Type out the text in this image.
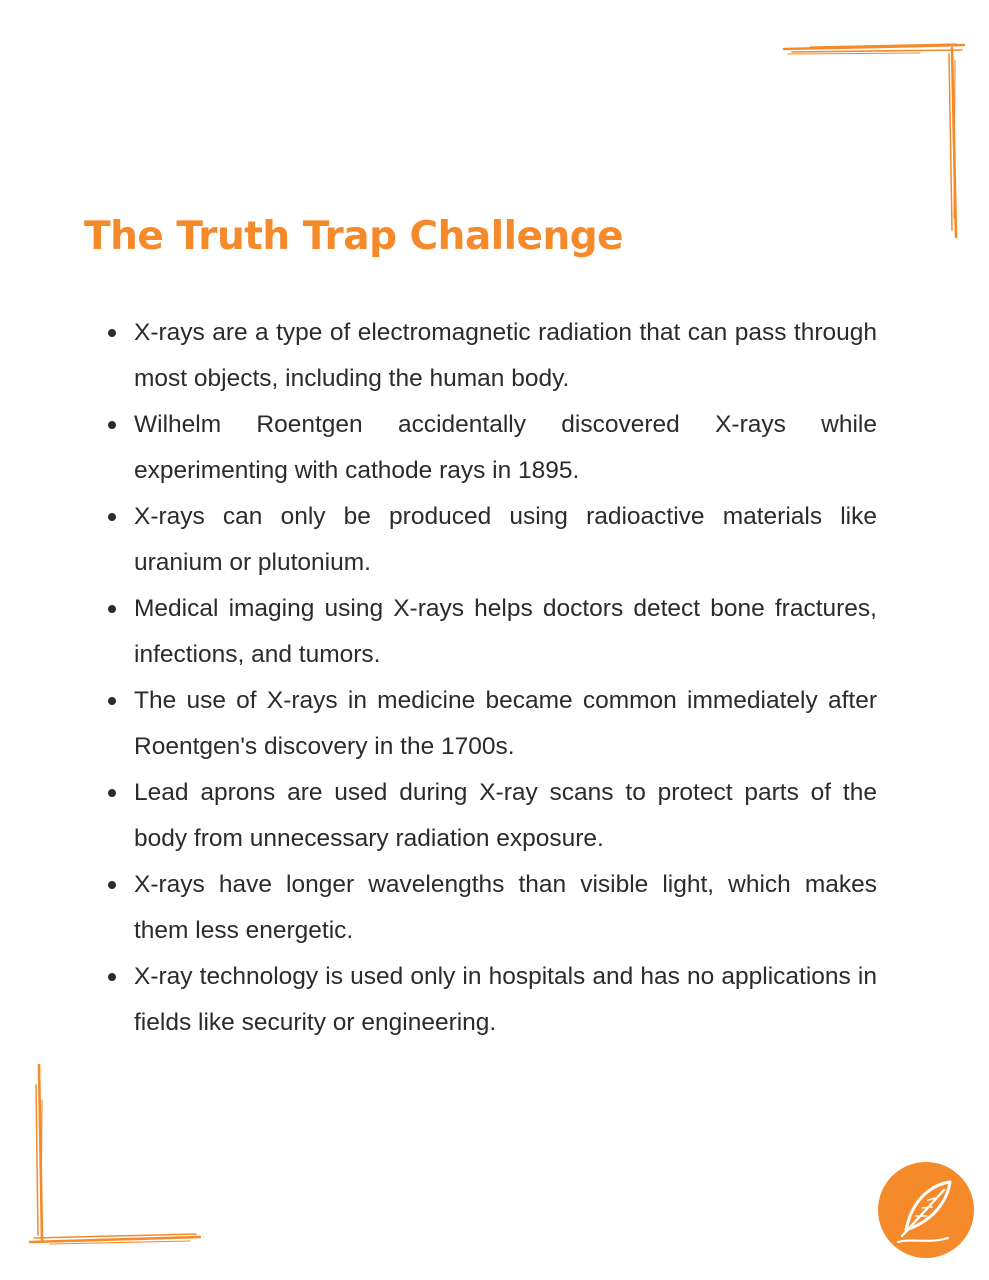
The Truth Trap Challenge
X-rays are a type of electromagnetic radiation that can pass through most objects, including the human body.
Wilhelm Roentgen accidentally discovered X-rays while experimenting with cathode rays in 1895.
X-rays can only be produced using radioactive materials like uranium or plutonium.
Medical imaging using X-rays helps doctors detect bone fractures, infections, and tumors.
The use of X-rays in medicine became common immediately after Roentgen's discovery in the 1700s.
Lead aprons are used during X-ray scans to protect parts of the body from unnecessary radiation exposure.
X-rays have longer wavelengths than visible light, which makes them less energetic.
X-ray technology is used only in hospitals and has no applications in fields like security or engineering.
